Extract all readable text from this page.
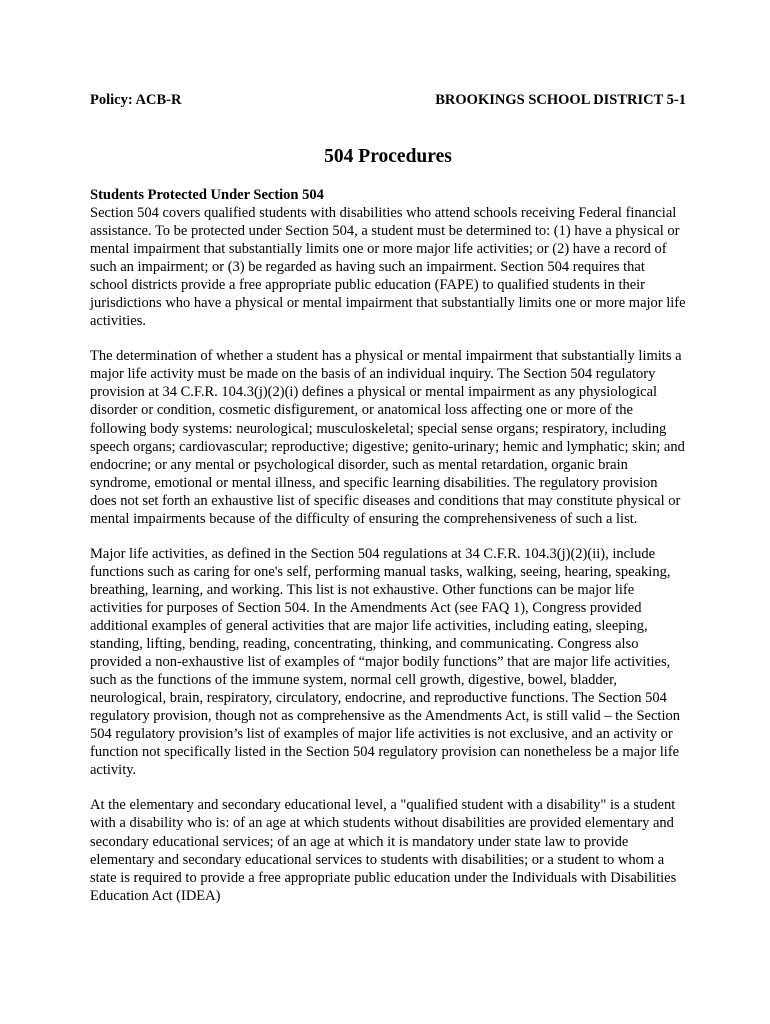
Policy: ACB-R	BROOKINGS SCHOOL DISTRICT 5-1
504 Procedures
Students Protected Under Section 504

Section 504 covers qualified students with disabilities who attend schools receiving Federal financial assistance. To be protected under Section 504, a student must be determined to: (1) have a physical or mental impairment that substantially limits one or more major life activities; or (2) have a record of such an impairment; or (3) be regarded as having such an impairment. Section 504 requires that school districts provide a free appropriate public education (FAPE) to qualified students in their jurisdictions who have a physical or mental impairment that substantially limits one or more major life activities.

The determination of whether a student has a physical or mental impairment that substantially limits a major life activity must be made on the basis of an individual inquiry. The Section 504 regulatory provision at 34 C.F.R. 104.3(j)(2)(i) defines a physical or mental impairment as any physiological disorder or condition, cosmetic disfigurement, or anatomical loss affecting one or more of the following body systems: neurological; musculoskeletal; special sense organs; respiratory, including speech organs; cardiovascular; reproductive; digestive; genito-urinary; hemic and lymphatic; skin; and endocrine; or any mental or psychological disorder, such as mental retardation, organic brain syndrome, emotional or mental illness, and specific learning disabilities. The regulatory provision does not set forth an exhaustive list of specific diseases and conditions that may constitute physical or mental impairments because of the difficulty of ensuring the comprehensiveness of such a list.

Major life activities, as defined in the Section 504 regulations at 34 C.F.R. 104.3(j)(2)(ii), include functions such as caring for one's self, performing manual tasks, walking, seeing, hearing, speaking, breathing, learning, and working. This list is not exhaustive. Other functions can be major life activities for purposes of Section 504. In the Amendments Act (see FAQ 1), Congress provided additional examples of general activities that are major life activities, including eating, sleeping, standing, lifting, bending, reading, concentrating, thinking, and communicating. Congress also provided a non-exhaustive list of examples of “major bodily functions” that are major life activities, such as the functions of the immune system, normal cell growth, digestive, bowel, bladder, neurological, brain, respiratory, circulatory, endocrine, and reproductive functions. The Section 504 regulatory provision, though not as comprehensive as the Amendments Act, is still valid – the Section 504 regulatory provision’s list of examples of major life activities is not exclusive, and an activity or function not specifically listed in the Section 504 regulatory provision can nonetheless be a major life activity.

At the elementary and secondary educational level, a "qualified student with a disability" is a student with a disability who is: of an age at which students without disabilities are provided elementary and secondary educational services; of an age at which it is mandatory under state law to provide elementary and secondary educational services to students with disabilities; or a student to whom a state is required to provide a free appropriate public education under the Individuals with Disabilities Education Act (IDEA)
